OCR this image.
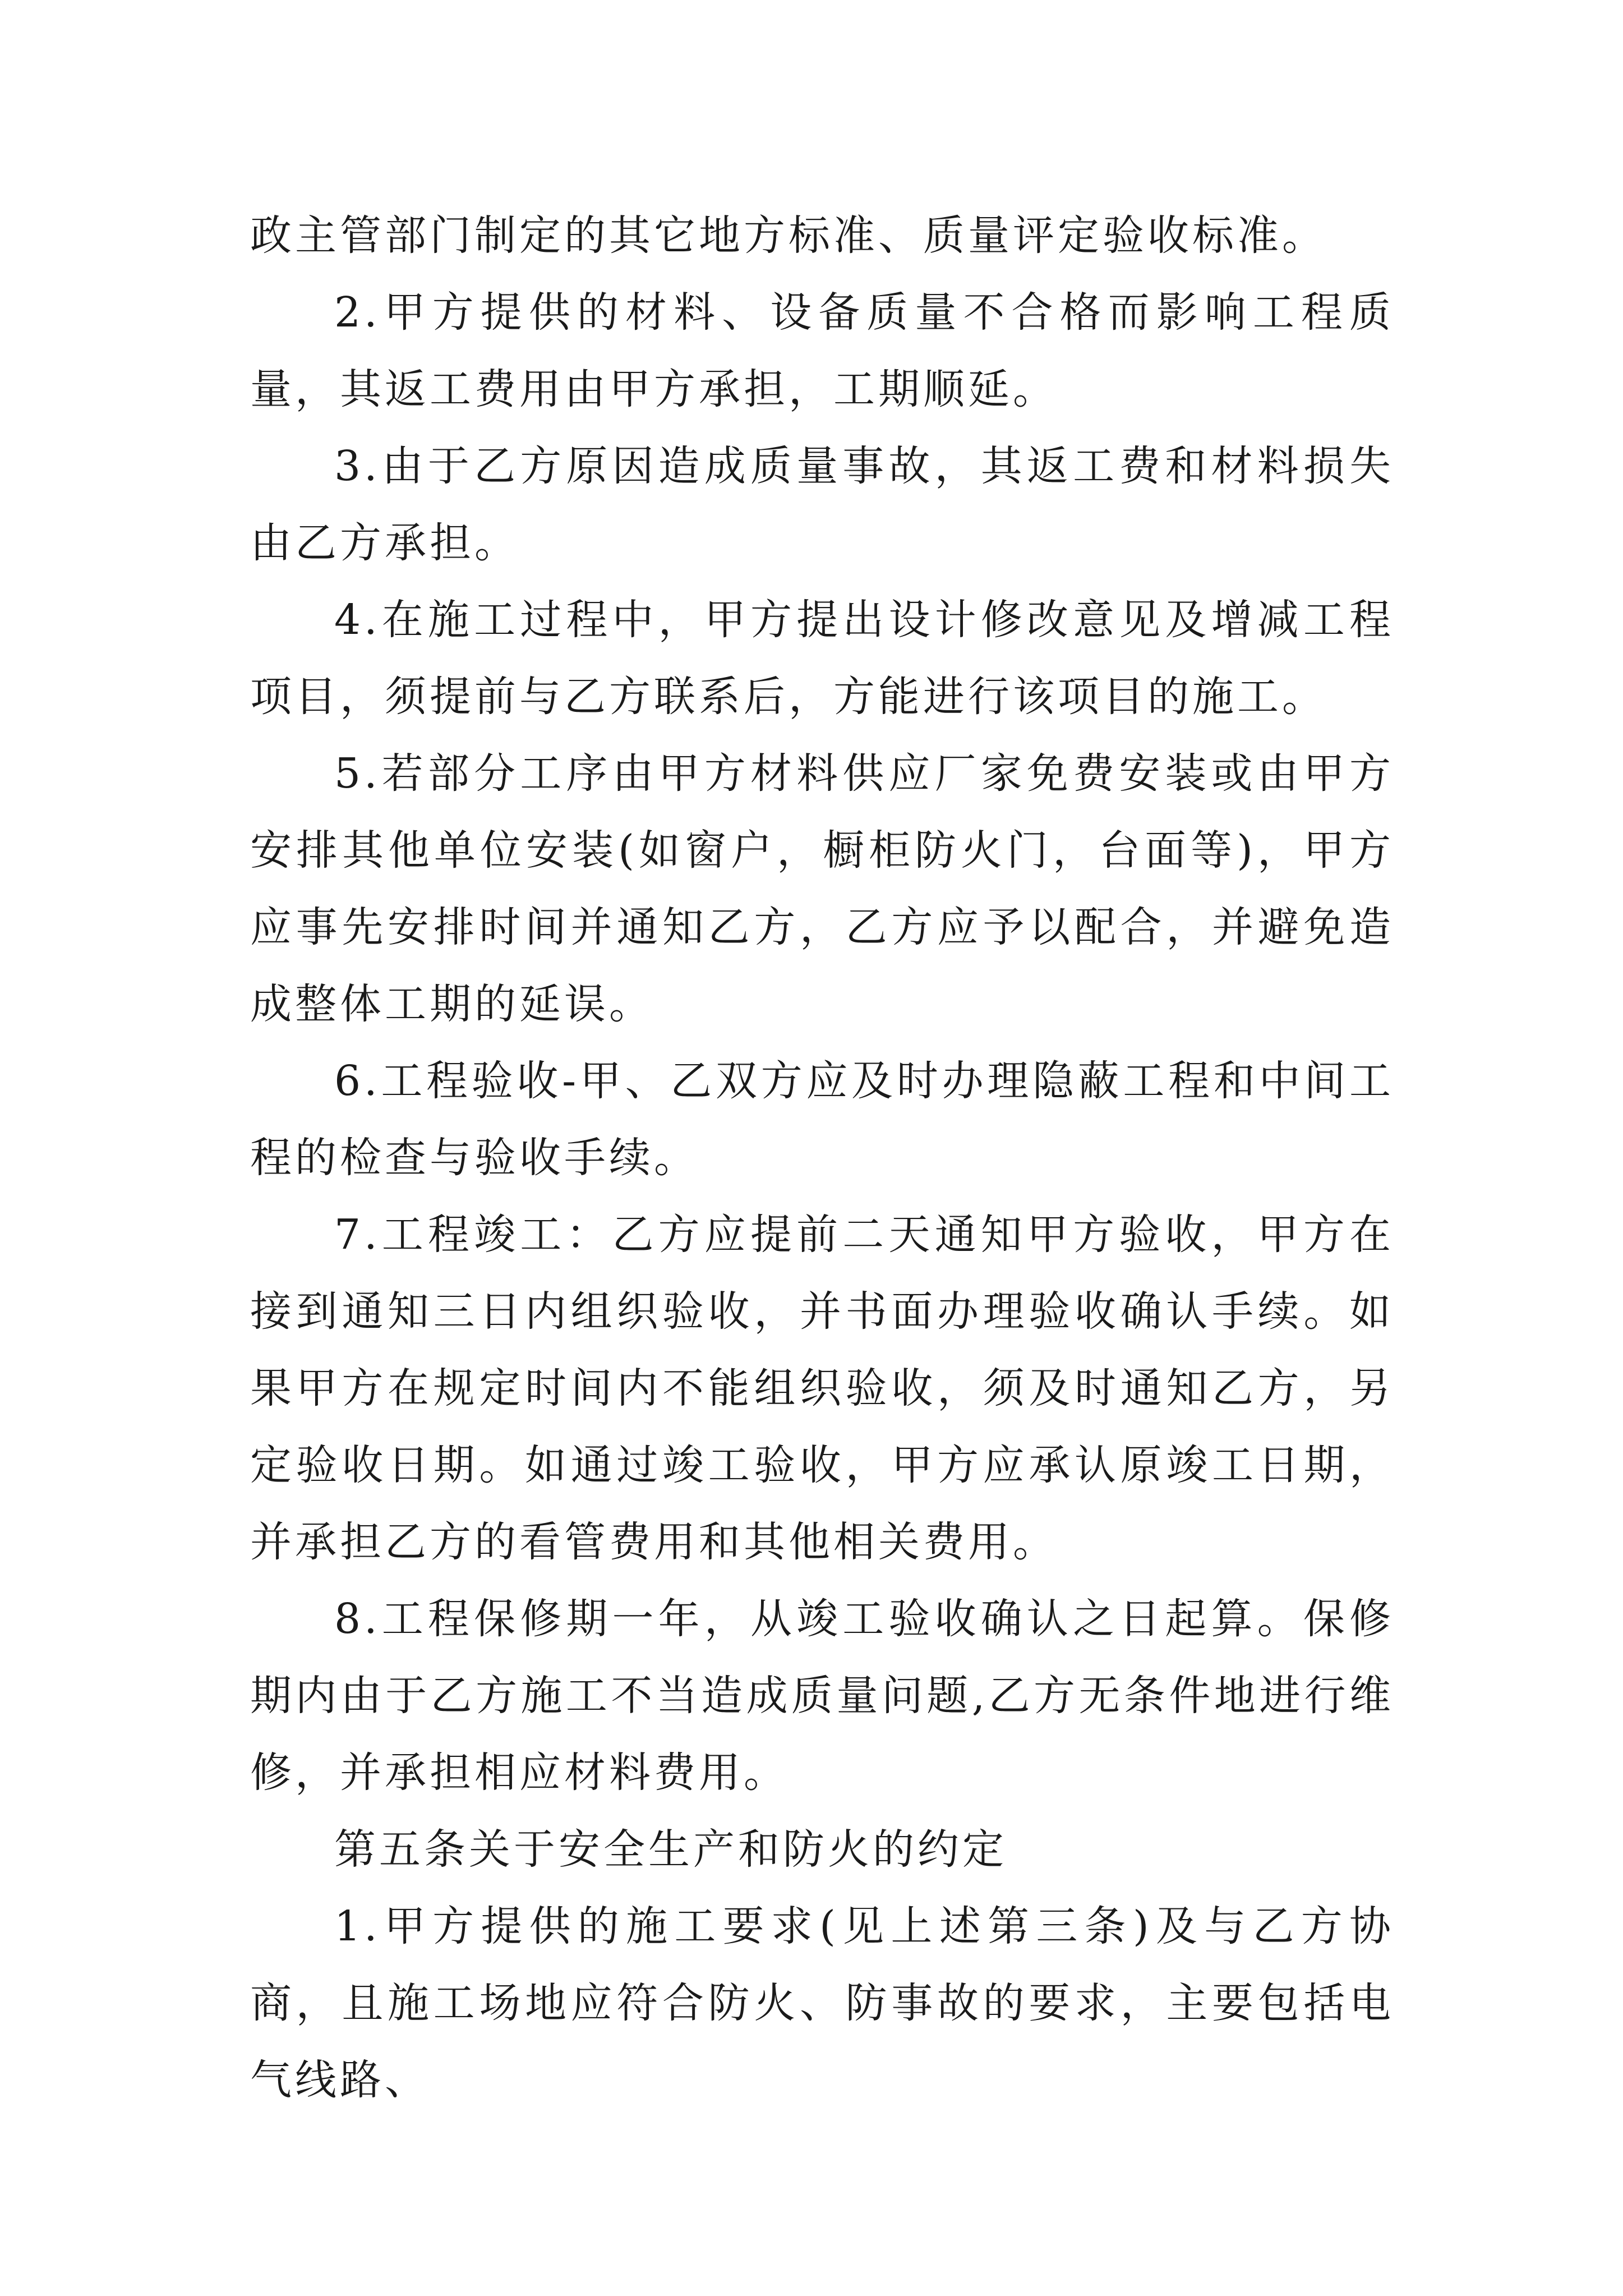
政主管部门制定的其它地方标准、质量评定验收标准。

2.甲方提供的材料、设备质量不合格而影响工程质量，其返工费用由甲方承担，工期顺延。

3.由于乙方原因造成质量事故，其返工费和材料损失由乙方承担。

4.在施工过程中，甲方提出设计修改意见及增减工程项目，须提前与乙方联系后，方能进行该项目的施工。

5.若部分工序由甲方材料供应厂家免费安装或由甲方安排其他单位安装(如窗户，橱柜防火门，台面等)，甲方应事先安排时间并通知乙方，乙方应予以配合，并避免造成整体工期的延误。

6.工程验收-甲、乙双方应及时办理隐蔽工程和中间工程的检查与验收手续。

7.工程竣工：乙方应提前二天通知甲方验收，甲方在接到通知三日内组织验收，并书面办理验收确认手续。如果甲方在规定时间内不能组织验收，须及时通知乙方，另定验收日期。如通过竣工验收，甲方应承认原竣工日期，并承担乙方的看管费用和其他相关费用。

8.工程保修期一年，从竣工验收确认之日起算。保修期内由于乙方施工不当造成质量问题,乙方无条件地进行维修，并承担相应材料费用。

第五条关于安全生产和防火的约定

1.甲方提供的施工要求(见上述第三条)及与乙方协商，且施工场地应符合防火、防事故的要求，主要包括电气线路、
